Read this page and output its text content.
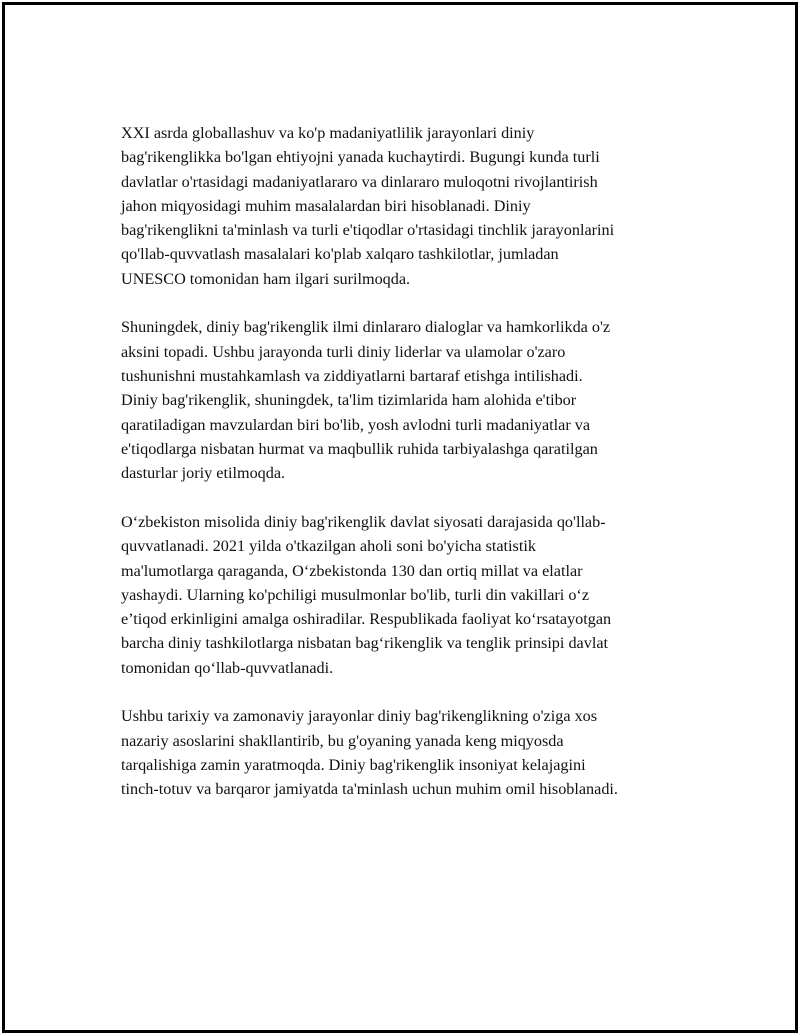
XXI asrda globallashuv va ko'p madaniyatlilik jarayonlari diniy
bag'rikenglikka bo'lgan ehtiyojni yanada kuchaytirdi. Bugungi kunda turli
davlatlar o'rtasidagi madaniyatlararo va dinlararo muloqotni rivojlantirish
jahon miqyosidagi muhim masalalardan biri hisoblanadi. Diniy
bag'rikenglikni ta'minlash va turli e'tiqodlar o'rtasidagi tinchlik jarayonlarini
qo'llab-quvvatlash masalalari ko'plab xalqaro tashkilotlar, jumladan
UNESCO tomonidan ham ilgari surilmoqda.

Shuningdek, diniy bag'rikenglik ilmi dinlararo dialoglar va hamkorlikda o'z
aksini topadi. Ushbu jarayonda turli diniy liderlar va ulamolar o'zaro
tushunishni mustahkamlash va ziddiyatlarni bartaraf etishga intilishadi.
Diniy bag'rikenglik, shuningdek, ta'lim tizimlarida ham alohida e'tibor
qaratiladigan mavzulardan biri bo'lib, yosh avlodni turli madaniyatlar va
e'tiqodlarga nisbatan hurmat va maqbullik ruhida tarbiyalashga qaratilgan
dasturlar joriy etilmoqda.

O‘zbekiston misolida diniy bag'rikenglik davlat siyosati darajasida qo'llab-
quvvatlanadi. 2021 yilda o'tkazilgan aholi soni bo'yicha statistik
ma'lumotlarga qaraganda, O‘zbekistonda 130 dan ortiq millat va elatlar
yashaydi. Ularning ko'pchiligi musulmonlar bo'lib, turli din vakillari o‘z
e’tiqod erkinligini amalga oshiradilar. Respublikada faoliyat ko‘rsatayotgan
barcha diniy tashkilotlarga nisbatan bag‘rikenglik va tenglik prinsipi davlat
tomonidan qo‘llab-quvvatlanadi.

Ushbu tarixiy va zamonaviy jarayonlar diniy bag'rikenglikning o'ziga xos
nazariy asoslarini shakllantirib, bu g'oyaning yanada keng miqyosda
tarqalishiga zamin yaratmoqda. Diniy bag'rikenglik insoniyat kelajagini
tinch-totuv va barqaror jamiyatda ta'minlash uchun muhim omil hisoblanadi.
